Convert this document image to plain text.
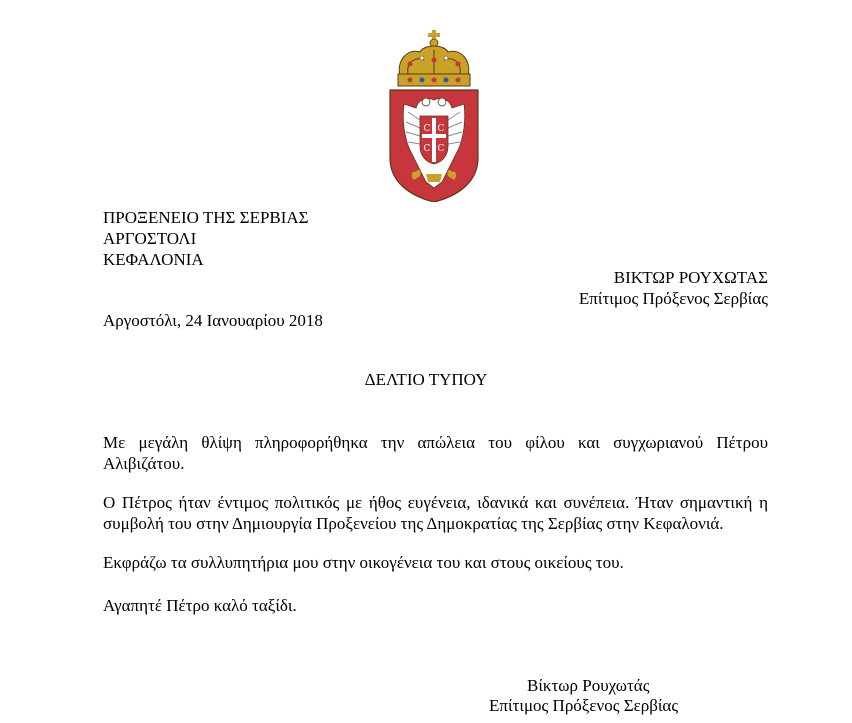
C C
C C
ΠΡΟΞΕΝΕΙΟ ΤΗΣ ΣΕΡΒΙΑΣ
ΑΡΓΟΣΤΟΛΙ
ΚΕΦΑΛΟΝΙΑ
ΒΙΚΤΩΡ ΡΟΥΧΩΤΑΣ
Επίτιμος Πρόξενος Σερβίας
Αργοστόλι, 24 Ιανουαρίου 2018
ΔΕΛΤΙΟ ΤΥΠΟΥ
Με μεγάλη θλίψη πληροφορήθηκα την απώλεια του φίλου και συγχωριανού Πέτρου
Αλιβιζάτου.
Ο Πέτρος ήταν έντιμος πολιτικός με ήθος ευγένεια, ιδανικά και συνέπεια. Ήταν σημαντική η
συμβολή του στην Δημιουργία Προξενείου της Δημοκρατίας της Σερβίας στην Κεφαλονιά.
Εκφράζω τα συλλυπητήρια μου στην οικογένεια του και στους οικείους του.
Αγαπητέ Πέτρο καλό ταξίδι.
Βίκτωρ Ρουχωτάς
Επίτιμος Πρόξενος Σερβίας
